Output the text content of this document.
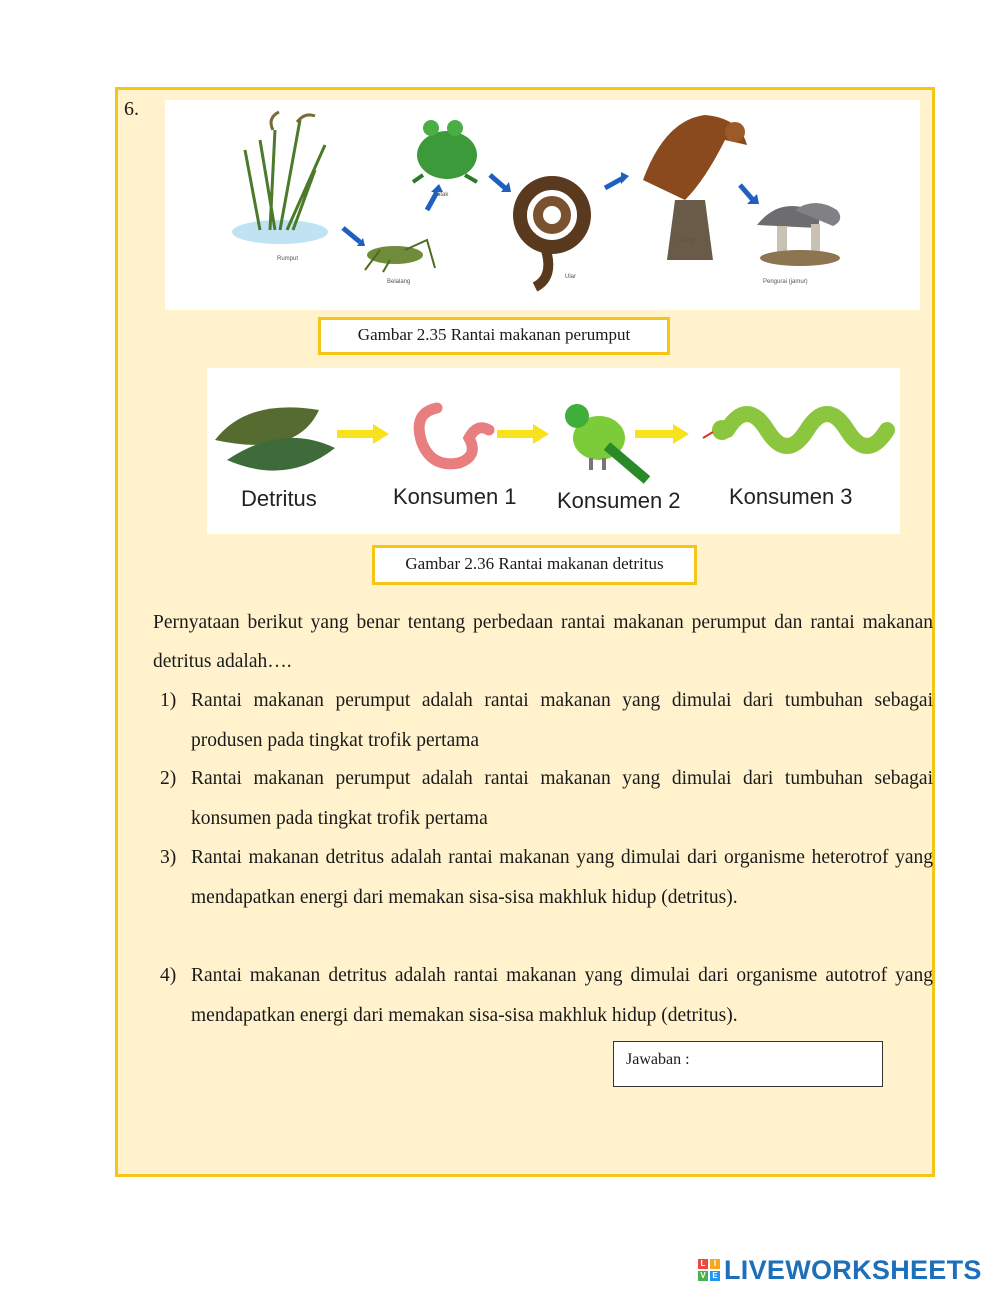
6.
Rumput
Belalang
Katak
Ular
Elang
Pengurai (jamur)
Gambar 2.35 Rantai makanan perumput
Detritus	Konsumen 1 Konsumen 2 Konsumen 3
Gambar 2.36 Rantai makanan detritus
Pernyataan berikut yang benar tentang perbedaan rantai makanan perumput dan rantai makanan detritus adalah….
1) Rantai makanan perumput adalah rantai makanan yang dimulai dari tumbuhan sebagai produsen pada tingkat trofik pertama
2) Rantai makanan perumput adalah rantai makanan yang dimulai dari tumbuhan sebagai konsumen pada tingkat trofik pertama
3) Rantai makanan detritus adalah rantai makanan yang dimulai dari organisme heterotrof yang mendapatkan energi dari memakan sisa-sisa makhluk hidup (detritus).
4) Rantai makanan detritus adalah rantai makanan yang dimulai dari organisme autotrof yang mendapatkan energi dari memakan sisa-sisa makhluk hidup (detritus).
Jawaban :
L	I
V E LIVEWORKSHEETS
